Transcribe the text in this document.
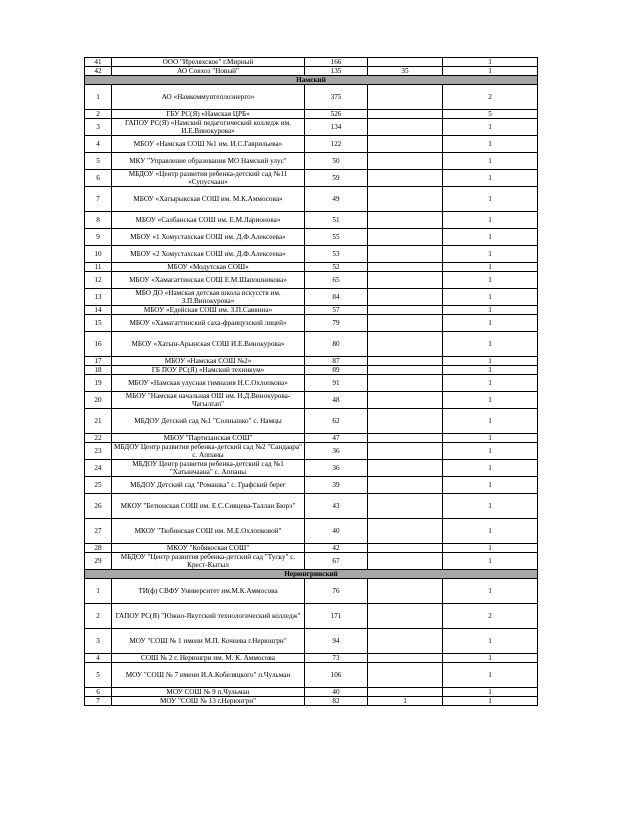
41	ООО "Иреляхское" г.Мирный	166		1
42	АО Совхоз "Новый"	135	35	1
Намский				
1	АО «Намкоммунтеплоэнерго»	375		2
2	ГБУ РС(Я) «Намская ЦРБ»	526		5
3	ГАПОУ РС(Я) «Намский педагогический колледж им. И.Е.Винокурова»	134		1
4	МБОУ «Намская СОШ №1 им. И.С.Гаврильева»	122		1
5	МКУ "Управление образования МО Намский улус"	50		1
6	МБДОУ «Центр развития ребенка-детский сад №11 «Супусчаан»	59		1
7	МБОУ «Хатырыкская СОШ им. М.К.Аммосова»	49		1
8	МБОУ «Салбанская СОШ им. Е.М.Ларионова»	51		1
9	МБОУ «1 Хомустахская СОШ им. Д.Ф.Алексеева»	55		1
10	МБОУ «2 Хомустахская СОШ им. Д.Ф.Алексеева»	53		1
11	МБОУ «Модутская СОШ»	52		1
12	МБОУ «Хамагаттинская СОШ Е.М.Шапошникова»	65		1
13	МБО ДО «Намская детская школа искусств им. З.П.Винокурова»	84		1
14	МБОУ «Едейская СОШ им. З.П.Саввина»	57		1
15	МБОУ «Хамагаттинский саха-французский лицей»	79		1
16	МБОУ «Хатын-Арынская СОШ И.Е.Винокурова»	80		1
17	МБОУ «Намская СОШ №2»	87		1
18	ГБ ПОУ РС(Я) «Намский техникум»	89		1
19	МБОУ «Намская улусная гимназия Н.С.Охлопкова»	91		1
20	МБОУ "Намская начальная ОШ им. Н.Д.Винокурова-Чагылгап"	48		1
21	МБДОУ Детский сад №1 "Солнышко" с. Намцы	62		1
22	МБОУ "Партизанская СОШ"	47		1
23	МБДОУ Центр развития ребенка-детский сад №2 "Сандаара" с. Аппаны	36		1
24	МБДОУ Центр развития ребенка-детский сад №1 "Хатынчаана" с. Аппаны	36		1
25	МБДОУ Детский сад "Ромашка" с. Графский берег	39		1
26	МКОУ "Бетюнская СОШ им. Е.С.Сивцева-Таллан Бюрэ"	43		1
27	МКОУ "Тюбинская СОШ им. М.Е.Охлопковой"	40		1
28	МКОУ "Кобякоская СОШ"	42		1
29	МБДОУ "Центр развития ребенка-детский сад "Туску" с. Крест-Кытыл	67		1
Нерюнгринский				
1	ТИ(ф) СВФУ Университет им.М.К.Аммосова	76		1
2	ГАПОУ РС(Я) "Южно-Якутский технологический колледж"	171		2
3	МОУ "СОШ № 1 имени М.П. Кочнева г.Нерюнгри"	94		1
4	СОШ № 2 г. Нерюнгри им. М. К. Аммосова	73		1
5	МОУ "СОШ № 7 имени И.А.Кобеляцкого" п.Чульман	106		1
6	МОУ СОШ № 9 п.Чульман	40		1
7	МОУ "СОШ № 13 г.Нерюнгри"	82	1	1
